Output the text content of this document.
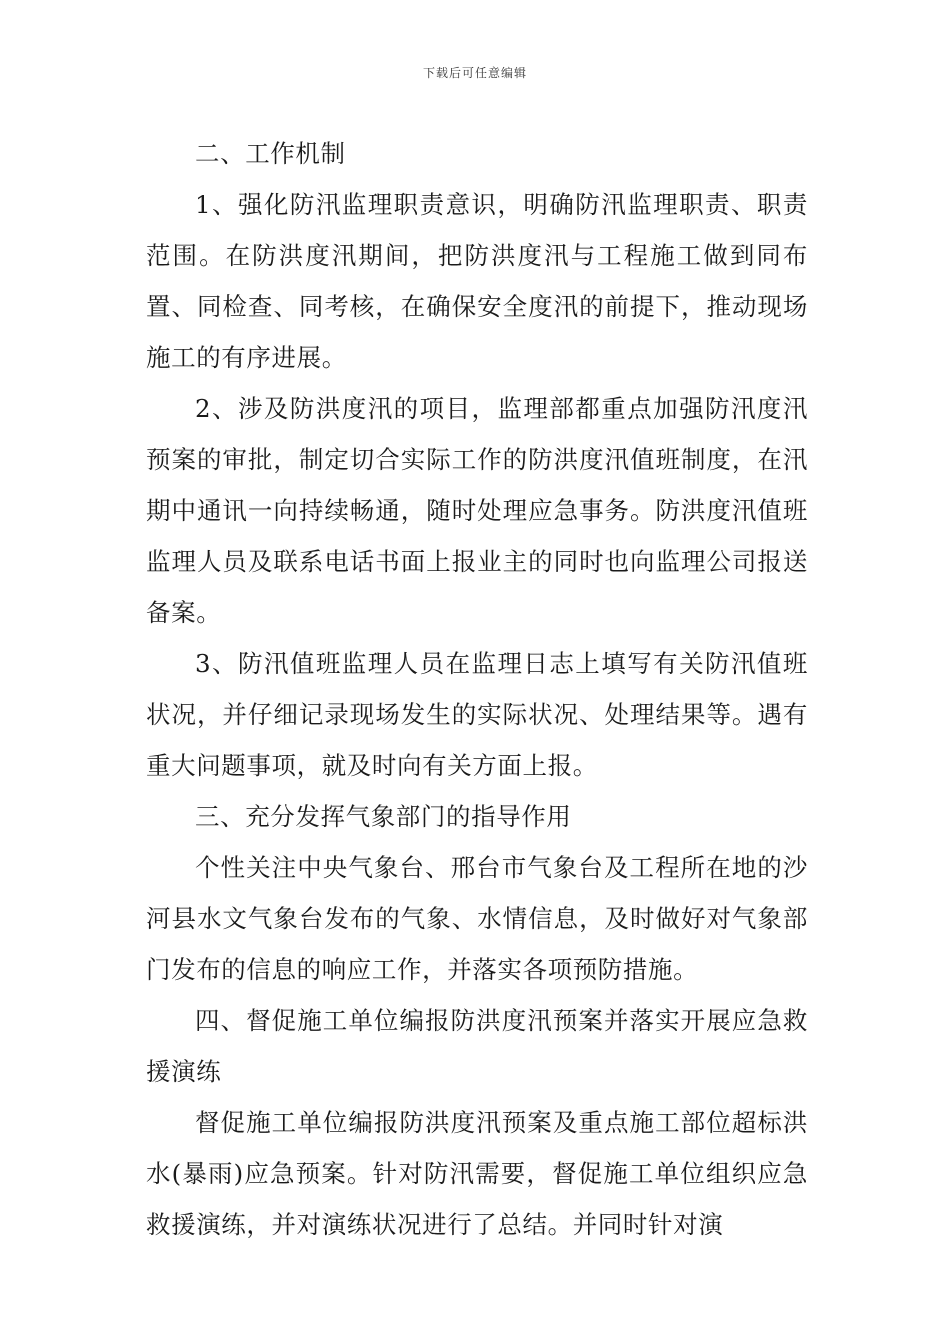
下载后可任意编辑

二、工作机制

1、强化防汛监理职责意识，明确防汛监理职责、职责范围。在防洪度汛期间，把防洪度汛与工程施工做到同布置、同检查、同考核，在确保安全度汛的前提下，推动现场施工的有序进展。

2、涉及防洪度汛的项目，监理部都重点加强防汛度汛预案的审批，制定切合实际工作的防洪度汛值班制度，在汛期中通讯一向持续畅通，随时处理应急事务。防洪度汛值班监理人员及联系电话书面上报业主的同时也向监理公司报送备案。

3、防汛值班监理人员在监理日志上填写有关防汛值班状况，并仔细记录现场发生的实际状况、处理结果等。遇有重大问题事项，就及时向有关方面上报。

三、充分发挥气象部门的指导作用

个性关注中央气象台、邢台市气象台及工程所在地的沙河县水文气象台发布的气象、水情信息，及时做好对气象部门发布的信息的响应工作，并落实各项预防措施。

四、督促施工单位编报防洪度汛预案并落实开展应急救援演练

督促施工单位编报防洪度汛预案及重点施工部位超标洪水(暴雨)应急预案。针对防汛需要，督促施工单位组织应急救援演练，并对演练状况进行了总结。并同时针对演
